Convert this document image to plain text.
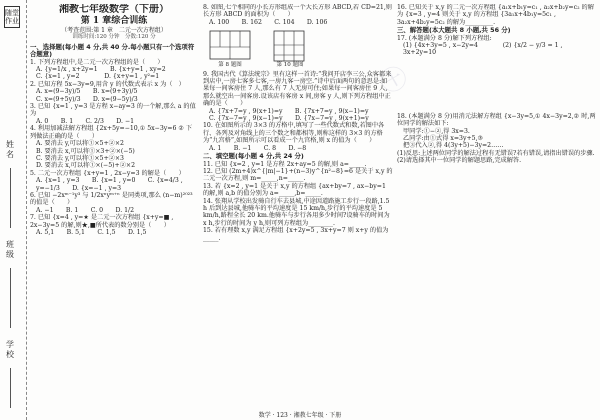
㊉
随堂作业
姓名
班级
学校
湘教七年级数学（下册）
第 1 章综合训练
（考查范围:第 1 章　二元一次方程组）
训练时间:120 分钟　分数:120 分
一、选择题(每小题 4 分,共 40 分.每小题只有一个选项符合题意)
1. 下列方程组中,是二元一次方程组的是（　　）
A. {y=1/x , x+2y=1　　B. {x+y=1 , xy=2
C. {x=1 , y=2　　　　D. {x+y=1 , y²=1
2. 已知方程 5x−3y=9,用含 y 的代数式表示 x 为（　）
A. x=(9−3y)/5　　B. x=(9+3y)/5
C. x=(9+5y)/3　　D. x=(9−5y)/3
3. 已知 {x=1 , y=3 是方程 x−ay=3 的一个解,那么 a 的值为
A. 0　　B. 1　　C. 2/3　　D. −1
4. 利用加减法解方程组 {2x+5y=−10,① 5x−3y=6 ② 下列做法正确的是（　　）
A. 要消去 y,可以将①×5+②×2
B. 要消去 x,可以将①×3+②×(−5)
C. 要消去 y,可以将①×5+②×3
D. 要消去 x,可以将①×(−5)+②×2
5. 二元一次方程组 {x+y=1 , 2x−y=3 的解是（　　）
A. {x=1 , y=3　　B. {x=1 , y=0　　C. {x=4/3 , y=−1/3　　D. {x=−1 , y=3
6. 已知 −2xᵐ⁻¹y³ 与 1/2xⁿyᵐ⁺ⁿ 是同类项,那么 (n−m)²⁰²³ 的值是（　　）
A. −1　　B. 1　　C. 0　　D. 1/2
7. 已知 {x=4 , y=★ 是二元一次方程组 {x+y=■ , 2x−3y=5 的解,则★,■所代表的数分别是（　　）
A. 5,1　　B. 5,1　　C. 1,5　　D. 1,5
8. 如图,七个相同的小长方形组成一个大长方形 ABCD,若 CD=21,则长方形 ABCD 的面积为（　　）
A. 100　　B. 162　　C. 104　　D. 106
第 8 题图	第 10 题图
9. 我国古代《算法统宗》里有这样一首诗:“我问开店李三公,众客都来到店中,一房七客多七客,一房九客一房空.”诗中后面两句的意思是:如果每一间客房住 7 人,那么有 7 人无房可住;如果每一间客房住 9 人,那么就空出一间客房.设该店有客房 x 间,房客 y 人,则下列方程组中正确的是（　　）
A. {7x+7=y , 9(x+1)=y　　B. {7x+7=y , 9(x−1)=y
C. {7x−7=y , 9(x−1)=y　　D. {7x−7=y , 9(x+1)=y
10. 在如图所示的 3×3 的方格中,填写了一些代数式和数,若图中各行、各列及对角线上的三个数之和都相等,则称这样的 3×3 的方格为“九宫格”,如图所示可以看成一个九宫格,则 x 的值为（　　）
A. 1　　B. −1　　C. 8　　D. −8
二、填空题(每小题 4 分,共 24 分)
11. 已知 {x=2 , y=1 是方程 2x+ay=5 的解,则 a=_____.
12. 已知 (2m+4)x^{|m|−1}+(n−3)y^{n²−8}=6 是关于 x,y 的二元一次方程,则 m=_____,n=_____.
13. 若 {x=2 , y=1 是关于 x,y 的方程组 {ax+by=7 , ax−by=1 的解,则 a,b 的值分别为 a=_____,b=_____.
14. 张翔从学校出发骑自行车去县城,中途因道路施工步行一段路,1.5 h 后到达县城,他骑车的平均速度是 15 km/h,步行的平均速度是 5 km/h,路程全长 20 km.他骑车与步行各用多少时间?设骑车的时间为 x h,步行的时间为 y h,则可列方程组为________.
15. 若有理数 x,y 满足方程组 {x+2y=5 , 3x+y=7 则 x+y 的值为_____.
16. 已知关于 x,y 的二元一次方程组 {a₁x+b₁y=c₁ , a₂x+b₂y=c₂ 的解为 {x=3 , y=4 则关于 x,y 的方程组 {3a₁x+4b₁y=5c₁ , 3a₂x+4b₂y=5c₂ 的解为_________.
三、解答题(本大题共 8 小题,共 56 分)
17. (本题满分 8 分)解下列方程组:
(1) {4x+3y=5 , x−2y=4　　　　(2) {x/2 − y/3 = 1 , 3x+2y=10
18. (本题满分 8 分)用消元法解方程组 {x−3y=5,① 4x−3y=2,② 时,两位同学的解法如下:
甲同学:①−②,得 3x=3.
乙同学:由①式得 x=3y+5,③
把③代入②,得 4(3y+5)−3y=2……
(1)反思:上述两位同学的解法过程有无错误?若有错误,请指出错误的步骤.
(2)请选择其中一位同学的解题思路,完成解答.
数学 · 123 · 湘教七年级 · 下册
